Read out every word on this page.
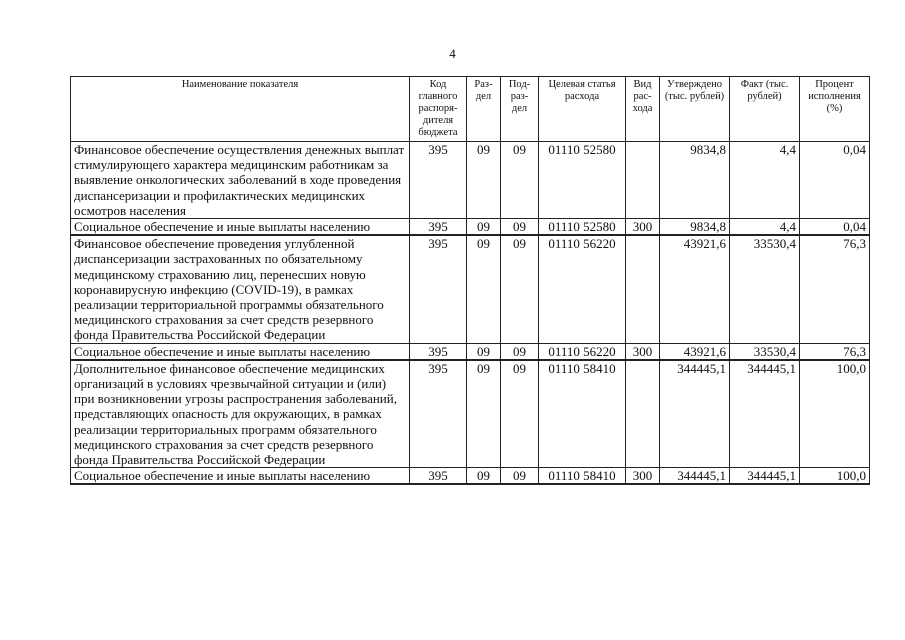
4
Наименование показателя	Код главного распоря-дителя бюджета	Раз-дел	Под-раз-дел	Целевая статья расхода	Вид рас-хода	Утверждено (тыс. рублей)	Факт (тыс. рублей)	Процент исполнения (%)
Финансовое обеспечение осуществления денежных выплат стимулирующего характера медицинским работникам за выявление онкологических заболеваний в ходе проведения диспансеризации и профилактических медицинских осмотров населения	395	09	09	01110 52580		9834,8	4,4	0,04
Социальное обеспечение и иные выплаты населению	395	09	09	01110 52580	300	9834,8	4,4	0,04
Финансовое обеспечение проведения углубленной диспансеризации застрахованных по обязательному медицинскому страхованию лиц, перенесших новую коронавирусную инфекцию (COVID-19), в рамках реализации территориальной программы обязательного медицинского страхования за счет средств резервного фонда Правительства Российской Федерации	395	09	09	01110 56220		43921,6	33530,4	76,3
Социальное обеспечение и иные выплаты населению	395	09	09	01110 56220	300	43921,6	33530,4	76,3
Дополнительное финансовое обеспечение медицинских организаций в условиях чрезвычайной ситуации и (или) при возникновении угрозы распространения заболеваний, представляющих опасность для окружающих, в рамках реализации территориальных программ обязательного медицинского страхования за счет средств резервного фонда Правительства Российской Федерации	395	09	09	01110 58410		344445,1	344445,1	100,0
Социальное обеспечение и иные выплаты населению	395	09	09	01110 58410	300	344445,1	344445,1	100,0
